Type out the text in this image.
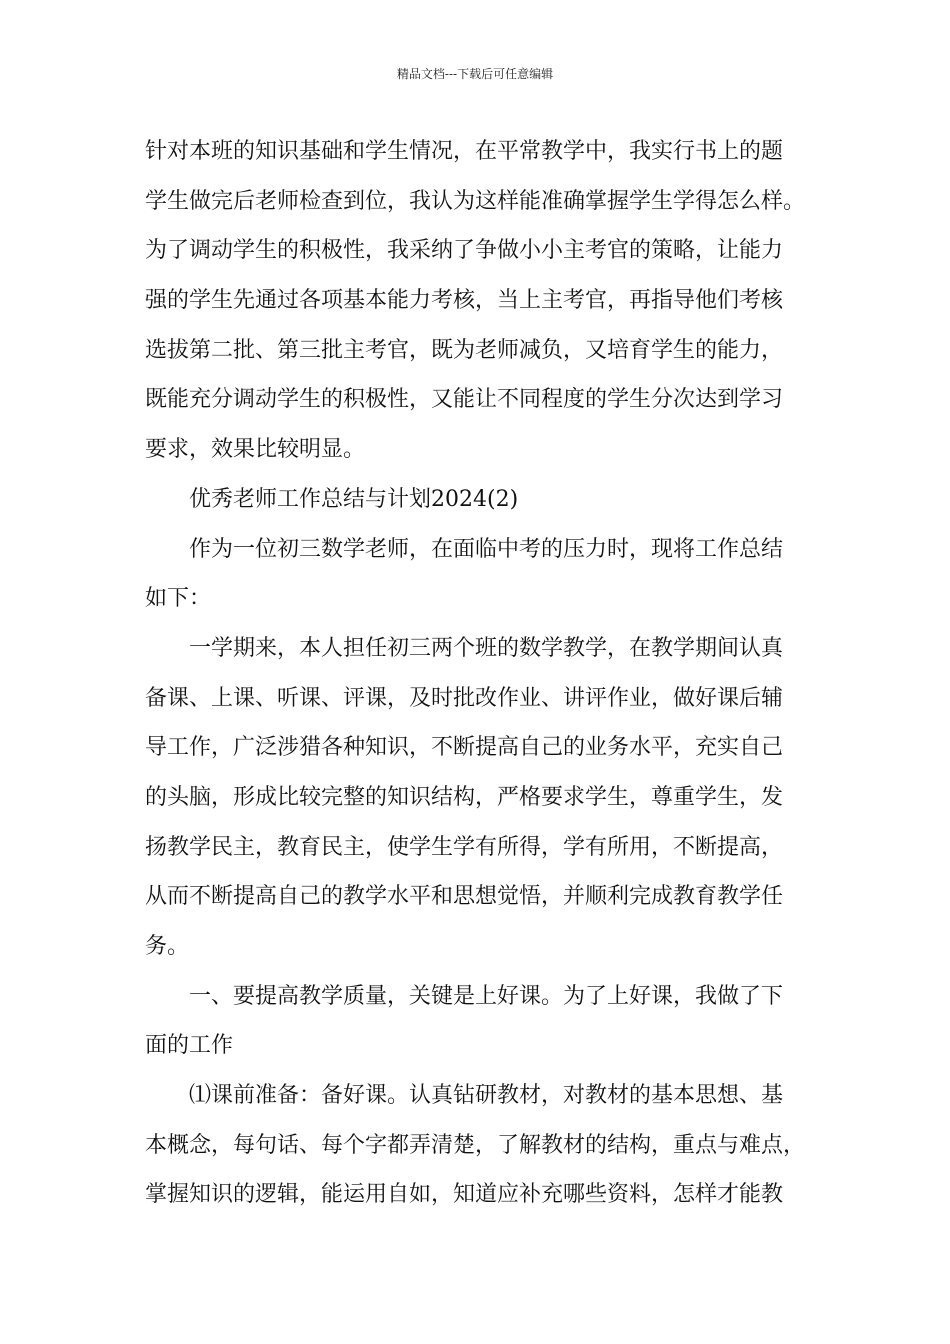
精品文档---下载后可任意编辑
针对本班的知识基础和学生情况，在平常教学中，我实行书上的题
学生做完后老师检查到位，我认为这样能准确掌握学生学得怎么样。
为了调动学生的积极性，我采纳了争做小小主考官的策略，让能力
强的学生先通过各项基本能力考核，当上主考官，再指导他们考核
选拔第二批、第三批主考官，既为老师减负，又培育学生的能力，
既能充分调动学生的积极性，又能让不同程度的学生分次达到学习
要求，效果比较明显。
优秀老师工作总结与计划2024(2)
作为一位初三数学老师，在面临中考的压力时，现将工作总结
如下：
一学期来，本人担任初三两个班的数学教学，在教学期间认真
备课、上课、听课、评课，及时批改作业、讲评作业，做好课后辅
导工作，广泛涉猎各种知识，不断提高自己的业务水平，充实自己
的头脑，形成比较完整的知识结构，严格要求学生，尊重学生，发
扬教学民主，教育民主，使学生学有所得，学有所用，不断提高，
从而不断提高自己的教学水平和思想觉悟，并顺利完成教育教学任
务。
一、要提高教学质量，关键是上好课。为了上好课，我做了下
面的工作
⑴课前准备：备好课。认真钻研教材，对教材的基本思想、基
本概念，每句话、每个字都弄清楚，了解教材的结构，重点与难点，
掌握知识的逻辑，能运用自如，知道应补充哪些资料，怎样才能教
